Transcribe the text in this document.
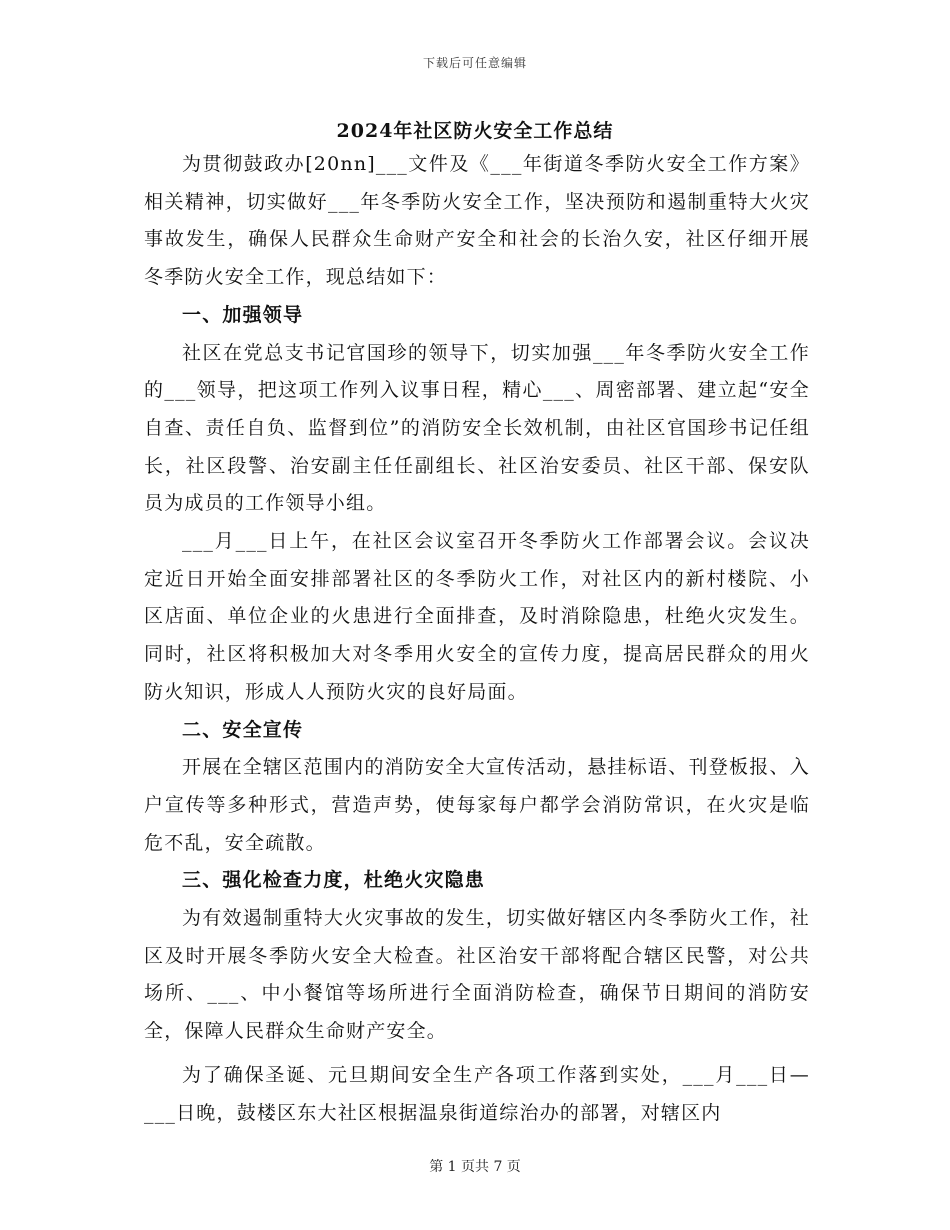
下载后可任意编辑
2024年社区防火安全工作总结

为贯彻鼓政办[20nn]___文件及《___年街道冬季防火安全工作方案》相关精神，切实做好___年冬季防火安全工作，坚决预防和遏制重特大火灾事故发生，确保人民群众生命财产安全和社会的长治久安，社区仔细开展冬季防火安全工作，现总结如下：

一、加强领导

社区在党总支书记官国珍的领导下，切实加强___年冬季防火安全工作的___领导，把这项工作列入议事日程，精心___、周密部署、建立起“安全自查、责任自负、监督到位”的消防安全长效机制，由社区官国珍书记任组长，社区段警、治安副主任任副组长、社区治安委员、社区干部、保安队员为成员的工作领导小组。

___月___日上午，在社区会议室召开冬季防火工作部署会议。会议决定近日开始全面安排部署社区的冬季防火工作，对社区内的新村楼院、小区店面、单位企业的火患进行全面排查，及时消除隐患，杜绝火灾发生。同时，社区将积极加大对冬季用火安全的宣传力度，提高居民群众的用火防火知识，形成人人预防火灾的良好局面。

二、安全宣传

开展在全辖区范围内的消防安全大宣传活动，悬挂标语、刊登板报、入户宣传等多种形式，营造声势，使每家每户都学会消防常识，在火灾是临危不乱，安全疏散。

三、强化检查力度，杜绝火灾隐患

为有效遏制重特大火灾事故的发生，切实做好辖区内冬季防火工作，社区及时开展冬季防火安全大检查。社区治安干部将配合辖区民警，对公共场所、___、中小餐馆等场所进行全面消防检查，确保节日期间的消防安全，保障人民群众生命财产安全。

为了确保圣诞、元旦期间安全生产各项工作落到实处，___月___日—___日晚，鼓楼区东大社区根据温泉街道综治办的部署，对辖区内

第 1 页共 7 页
